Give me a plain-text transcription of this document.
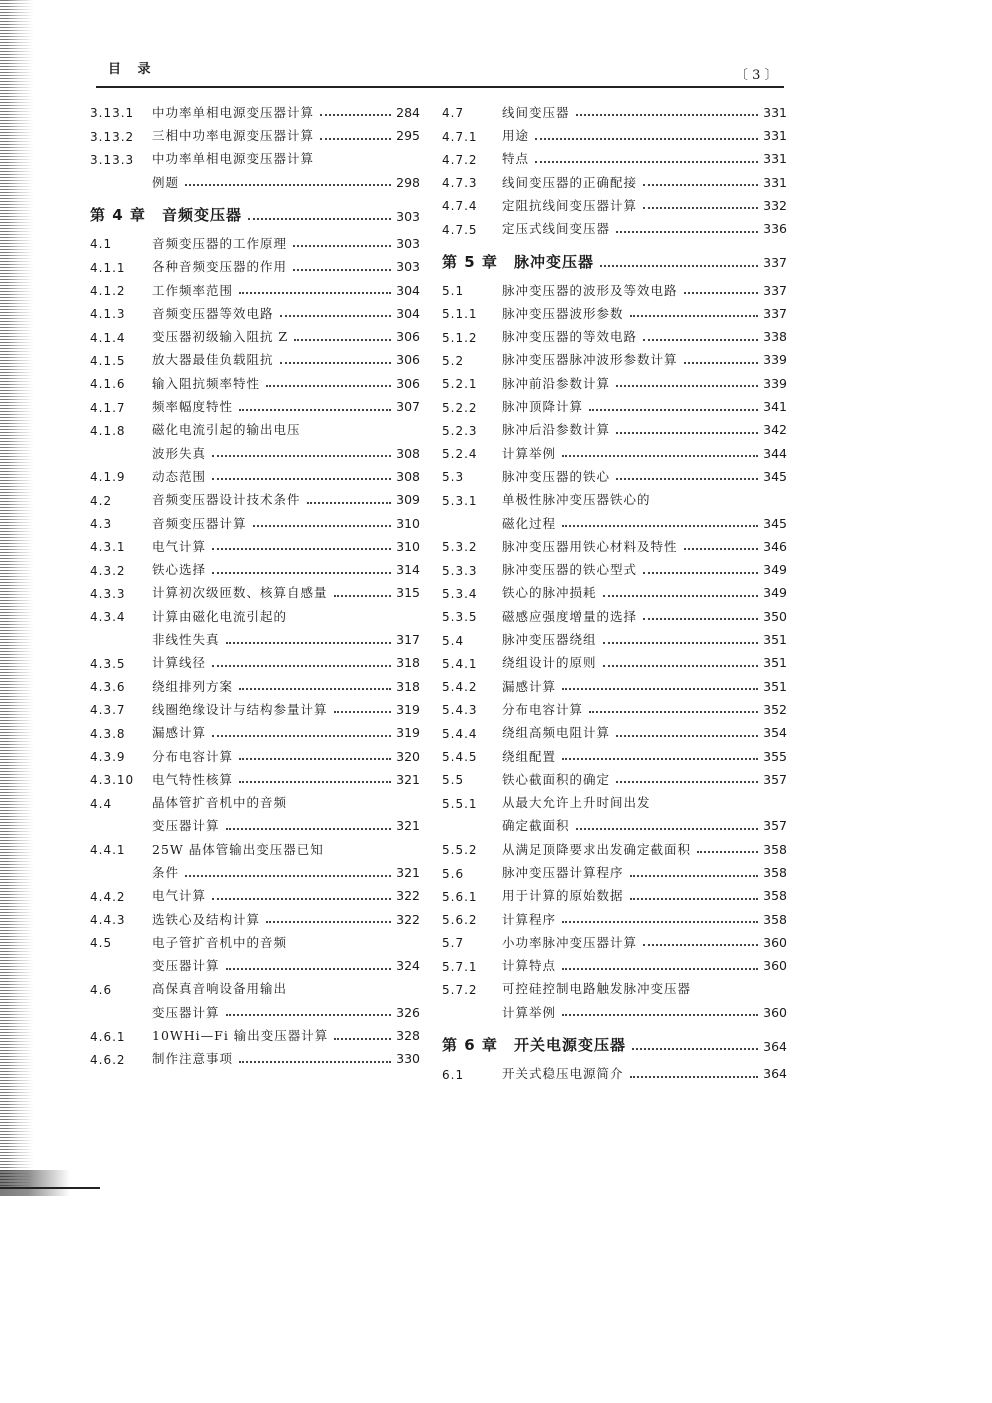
目 录	〔 3 〕
3.13.1	中功率单相电源变压器计算	284
3.13.2	三相中功率电源变压器计算	295
3.13.3	中功率单相电源变压器计算
例题	298
第 4 章	音频变压器	303
4.1	音频变压器的工作原理	303
4.1.1	各种音频变压器的作用	303
4.1.2	工作频率范围	304
4.1.3	音频变压器等效电路	304
4.1.4	变压器初级输入阻抗 Z	306
4.1.5	放大器最佳负载阻抗	306
4.1.6	输入阻抗频率特性	306
4.1.7	频率幅度特性	307
4.1.8	磁化电流引起的输出电压
波形失真	308
4.1.9	动态范围	308
4.2	音频变压器设计技术条件	309
4.3	音频变压器计算	310
4.3.1	电气计算	310
4.3.2	铁心选择	314
4.3.3	计算初次级匝数、核算自感量	315
4.3.4	计算由磁化电流引起的
非线性失真	317
4.3.5	计算线径	318
4.3.6	绕组排列方案	318
4.3.7	线圈绝缘设计与结构参量计算	319
4.3.8	漏感计算	319
4.3.9	分布电容计算	320
4.3.10	电气特性核算	321
4.4	晶体管扩音机中的音频
变压器计算	321
4.4.1	25W 晶体管输出变压器已知
条件	321
4.4.2	电气计算	322
4.4.3	选铁心及结构计算	322
4.5	电子管扩音机中的音频
变压器计算	324
4.6	高保真音响设备用输出
变压器计算	326
4.6.1	10WHi—Fi 输出变压器计算	328
4.6.2	制作注意事项	330
4.7	线间变压器	331
4.7.1	用途	331
4.7.2	特点	331
4.7.3	线间变压器的正确配接	331
4.7.4	定阻抗线间变压器计算	332
4.7.5	定压式线间变压器	336
第 5 章	脉冲变压器	337
5.1	脉冲变压器的波形及等效电路	337
5.1.1	脉冲变压器波形参数	337
5.1.2	脉冲变压器的等效电路	338
5.2	脉冲变压器脉冲波形参数计算	339
5.2.1	脉冲前沿参数计算	339
5.2.2	脉冲顶降计算	341
5.2.3	脉冲后沿参数计算	342
5.2.4	计算举例	344
5.3	脉冲变压器的铁心	345
5.3.1	单极性脉冲变压器铁心的
磁化过程	345
5.3.2	脉冲变压器用铁心材料及特性	346
5.3.3	脉冲变压器的铁心型式	349
5.3.4	铁心的脉冲损耗	349
5.3.5	磁感应强度增量的选择	350
5.4	脉冲变压器绕组	351
5.4.1	绕组设计的原则	351
5.4.2	漏感计算	351
5.4.3	分布电容计算	352
5.4.4	绕组高频电阻计算	354
5.4.5	绕组配置	355
5.5	铁心截面积的确定	357
5.5.1	从最大允许上升时间出发
确定截面积	357
5.5.2	从满足顶降要求出发确定截面积	358
5.6	脉冲变压器计算程序	358
5.6.1	用于计算的原始数据	358
5.6.2	计算程序	358
5.7	小功率脉冲变压器计算	360
5.7.1	计算特点	360
5.7.2	可控硅控制电路触发脉冲变压器
计算举例	360
第 6 章	开关电源变压器	364
6.1	开关式稳压电源简介	364
